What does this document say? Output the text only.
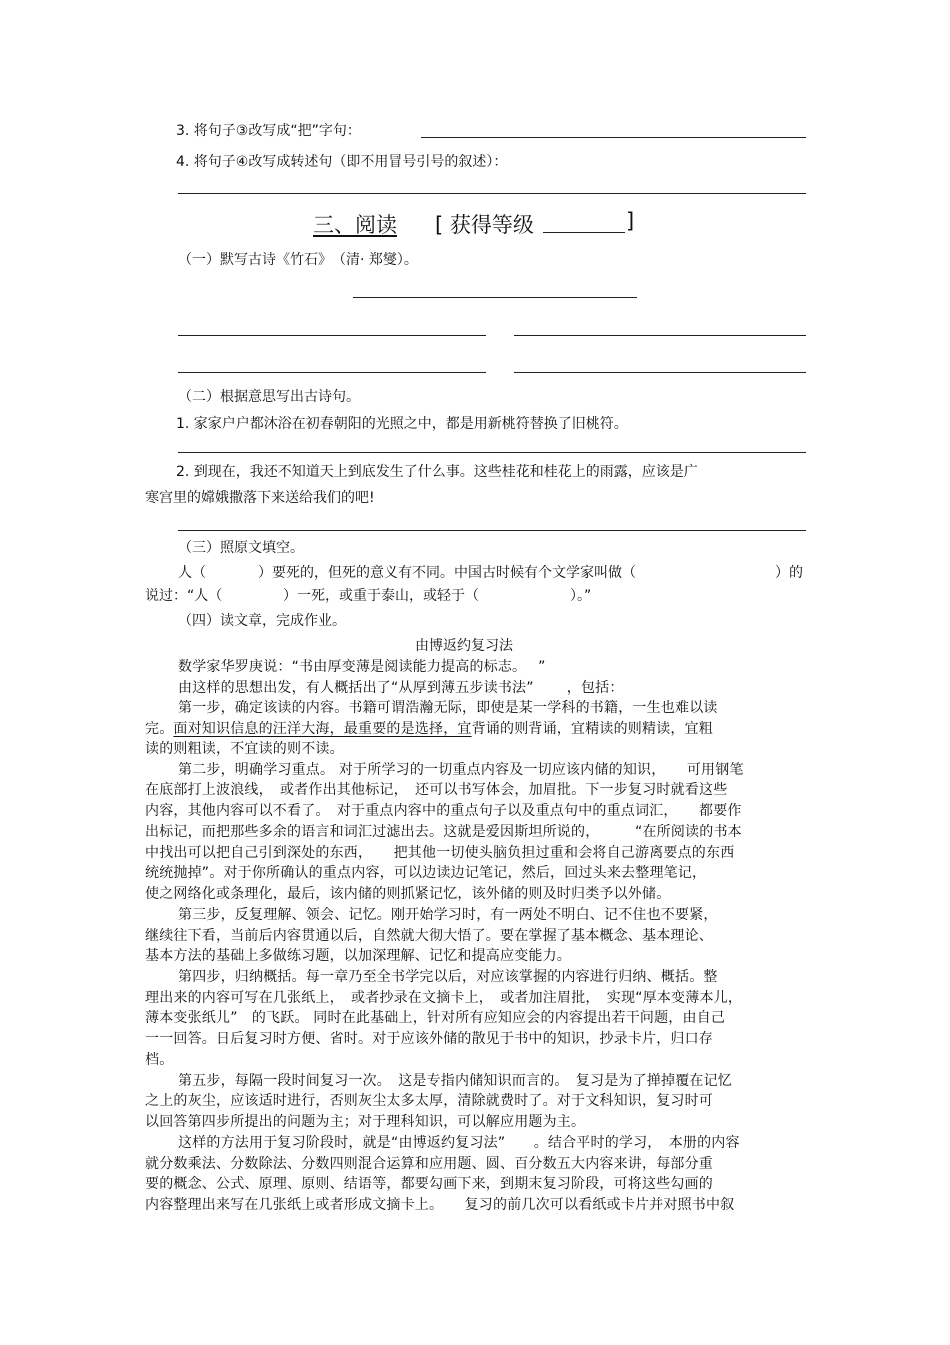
3. 将句子③改写成“把”字句：
4. 将句子④改写成转述句（即不用冒号引号的叙述）：
三、阅读 [ 获得等级	]
（一）默写古诗《竹石》　（清· 郑燮）。
（二）根据意思写出古诗句。
1. 家家户户都沐浴在初春朝阳的光照之中，都是用新桃符替换了旧桃符。
2. 到现在，我还不知道天上到底发生了什么事。这些桂花和桂花上的雨露，应该是广
寒宫里的嫦娥撒落下来送给我们的吧!
（三）照原文填空。
人（	）要死的，但死的意义有不同。中国古时候有个文学家叫做（	）的
说过：“人（	）一死，或重于泰山，或轻于（	）。”
（四）读文章，完成作业。
由博返约复习法
数学家华罗庚说：“书由厚变薄是阅读能力提高的标志。　 ”
由这样的思想出发，有人概括出了“从厚到薄五步读书法”　　 ，包括：
第一步，确定该读的内容。书籍可谓浩瀚无际，即使是某一学科的书籍，一生也难以读
完。面对知识信息的汪洋大海，最重要的是选择，宜背诵的则背诵，宜精读的则精读，宜粗
读的则粗读，不宜读的则不读。
第二步，明确学习重点。 对于所学习的一切重点内容及一切应该内储的知识，　　可用钢笔
在底部打上波浪线，　或者作出其他标记，　还可以书写体会，加眉批。下一步复习时就看这些
内容，其他内容可以不看了。　对于重点内容中的重点句子以及重点句中的重点词汇，　　都要作
出标记，而把那些多余的语言和词汇过滤出去。这就是爱因斯坦所说的，　　　“在所阅读的书本
中找出可以把自己引到深处的东西，　　把其他一切使头脑负担过重和会将自己游离要点的东西
统统抛掉”。对于你所确认的重点内容，可以边读边记笔记，然后，回过头来去整理笔记，
使之网络化或条理化，最后，该内储的则抓紧记忆，该外储的则及时归类予以外储。
第三步，反复理解、领会、记忆。刚开始学习时，有一两处不明白、记不住也不要紧，
继续往下看，当前后内容贯通以后，自然就大彻大悟了。要在掌握了基本概念、基本理论、
基本方法的基础上多做练习题，以加深理解、记忆和提高应变能力。
第四步，归纳概括。每一章乃至全书学完以后，对应该掌握的内容进行归纳、概括。整
理出来的内容可写在几张纸上，　或者抄录在文摘卡上，　或者加注眉批，　实现“厚本变薄本儿，
薄本变张纸儿”　的飞跃。 同时在此基础上，针对所有应知应会的内容提出若干问题，由自己
一一回答。日后复习时方便、省时。对于应该外储的散见于书中的知识，抄录卡片，归口存
档。
第五步，每隔一段时间复习一次。　这是专指内储知识而言的。　复习是为了掸掉覆在记忆
之上的灰尘，应该适时进行，否则灰尘太多太厚，清除就费时了。对于文科知识，复习时可
以回答第四步所提出的问题为主；对于理科知识，可以解应用题为主。
这样的方法用于复习阶段时，就是“由博返约复习法”　　。结合平时的学习，　本册的内容
就分数乘法、分数除法、分数四则混合运算和应用题、圆、百分数五大内容来讲，每部分重
要的概念、公式、原理、原则、结语等，都要勾画下来，到期末复习阶段，可将这些勾画的
内容整理出来写在几张纸上或者形成文摘卡上。　　复习的前几次可以看纸或卡片并对照书中叙
